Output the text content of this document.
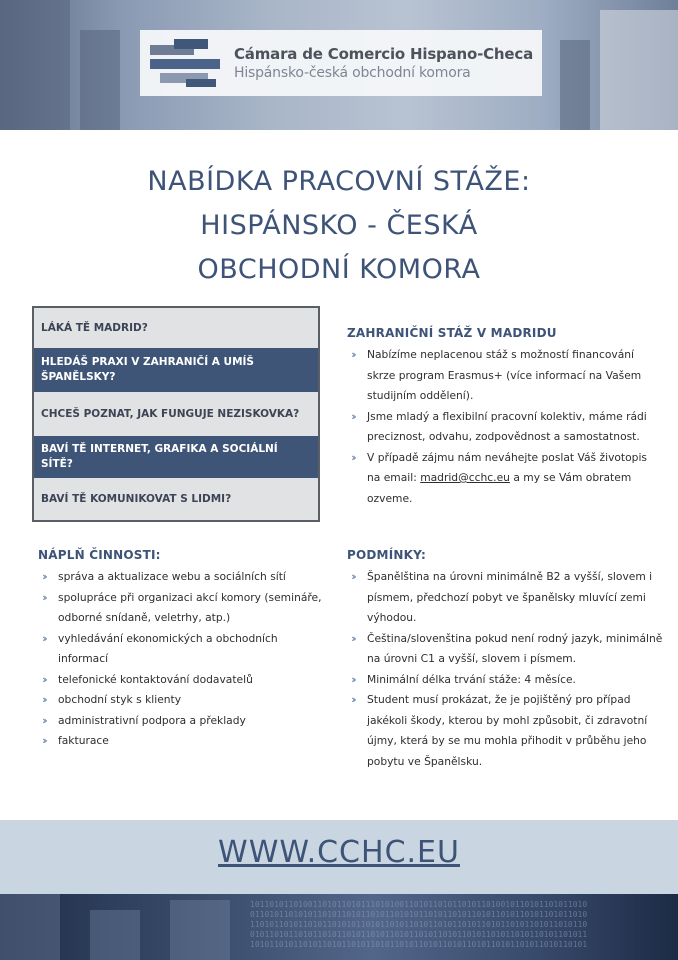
Cámara de Comercio Hispano-Checa
Hispánsko-česká obchodní komora
NABÍDKA PRACOVNÍ STÁŽE:
HISPÁNSKO - ČESKÁ
OBCHODNÍ KOMORA
LÁKÁ TĚ MADRID?
HLEDÁŠ PRAXI V ZAHRANIČÍ A UMÍŠ ŠPANĚLSKY?
CHCEŠ POZNAT, JAK FUNGUJE NEZISKOVKA?
BAVÍ TĚ INTERNET, GRAFIKA A SOCIÁLNÍ SÍTĚ?
BAVÍ TĚ KOMUNIKOVAT S LIDMI?
ZAHRANIČNÍ STÁŽ V MADRIDU
›› Nabízíme neplacenou stáž s možností financování skrze program Erasmus+ (více informací na Vašem studijním oddělení).
›› Jsme mladý a flexibilní pracovní kolektiv, máme rádi preciznost, odvahu, zodpovědnost a samostatnost.
›› V případě zájmu nám neváhejte poslat Váš životopis na email: madrid@cchc.eu a my se Vám obratem ozveme.
NÁPLŇ ČINNOSTI:
›› správa a aktualizace webu a sociálních sítí
›› spolupráce při organizaci akcí komory (semináře, odborné snídaně, veletrhy, atp.)
›› vyhledávání ekonomických a obchodních informací
›› telefonické kontaktování dodavatelů
›› obchodní styk s klienty
›› administrativní podpora a překlady
›› fakturace
PODMÍNKY:
›› Španělština na úrovni minimálně B2 a vyšší, slovem i písmem, předchozí pobyt ve španělsky mluvící zemi výhodou.
›› Čeština/slovenština pokud není rodný jazyk, minimálně na úrovni C1 a vyšší, slovem i písmem.
›› Minimální délka trvání stáže: 4 měsíce.
›› Student musí prokázat, že je pojištěný pro případ jakékoli škody, kterou by mohl způsobit, či zdravotní újmy, která by se mu mohla přihodit v průběhu jeho pobytu ve Španělsku.
WWW.CCHC.EU
1011010110100110101101011101010011010110101101011010010110101101011010
0110101101010110101101011010110101011010110101101011010110101101011010
1101011010110101101010110101101011010110101101011010110101101011010110
0101101011010110101101011010110101101011010110101101011010110101101011
1010110101101011010110101101011010110101101011010110101101011010110101
